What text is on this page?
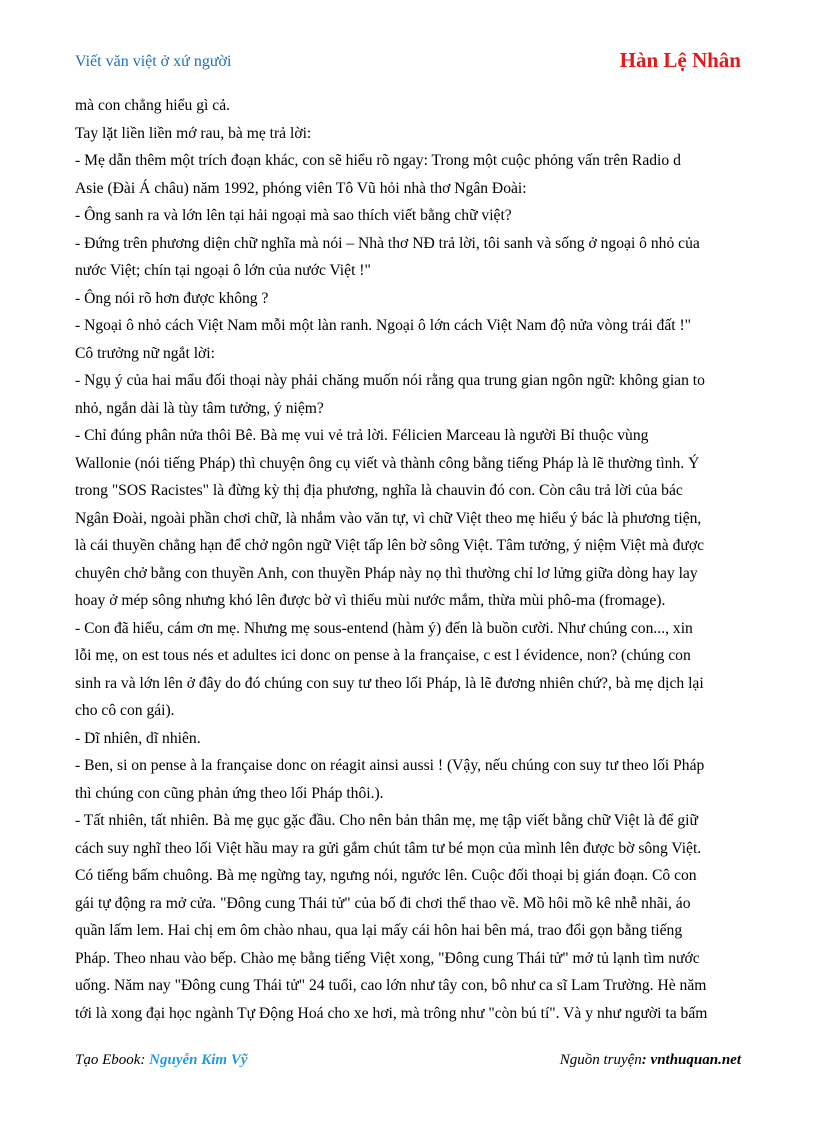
Viết văn việt ở xứ người	Hàn Lệ Nhân

mà con chẳng hiểu gì cả.

Tay lặt liền liền mớ rau, bà mẹ trả lời:

- Mẹ dẫn thêm một trích đoạn khác, con sẽ hiểu rõ ngay: Trong một cuộc phỏng vấn trên Radio d

Asie (Đài Á châu) năm 1992, phóng viên Tô Vũ hỏi nhà thơ Ngân Đoài:

- Ông sanh ra và lớn lên tại hải ngoại mà sao thích viết bằng chữ việt?

- Đứng trên phương diện chữ nghĩa mà nói – Nhà thơ NĐ trả lời, tôi sanh và sống ở ngoại ô nhỏ của

nước Việt; chín tại ngoại ô lớn của nước Việt !"

- Ông nói rõ hơn được không ?

- Ngoại ô nhỏ cách Việt Nam mỗi một làn ranh. Ngoại ô lớn cách Việt Nam độ nửa vòng trái đất !"

Cô trưởng nữ ngắt lời:

- Ngụ ý của hai mẩu đối thoại này phải chăng muốn nói rằng qua trung gian ngôn ngữ: không gian to

nhỏ, ngắn dài là tùy tâm tưởng, ý niệm?

- Chỉ đúng phân nửa thôi Bê. Bà mẹ vui vẻ trả lời. Félicien Marceau là người Bỉ thuộc vùng

Wallonie (nói tiếng Pháp) thì chuyện ông cụ viết và thành công bằng tiếng Pháp là lẽ thường tình. Ý

trong "SOS Racistes" là đừng kỳ thị địa phương, nghĩa là chauvin đó con. Còn câu trả lời của bác

Ngân Đoài, ngoài phần chơi chữ, là nhắm vào văn tự, vì chữ Việt theo mẹ hiểu ý bác là phương tiện,

là cái thuyền chẳng hạn để chở ngôn ngữ Việt tấp lên bờ sông Việt. Tâm tưởng, ý niệm Việt mà được

chuyên chở bằng con thuyền Anh, con thuyền Pháp này nọ thì thường chỉ lơ lửng giữa dòng hay lay

hoay ở mép sông nhưng khó lên được bờ vì thiếu mùi nước mắm, thừa mùi phô-ma (fromage).

- Con đã hiểu, cám ơn mẹ. Nhưng mẹ sous-entend (hàm ý) đến là buồn cười. Như chúng con..., xin

lỗi mẹ, on est tous nés et adultes ici donc on pense à la française, c est l évidence, non? (chúng con

sinh ra và lớn lên ở đây do đó chúng con suy tư theo lối Pháp, là lẽ đương nhiên chứ?, bà mẹ dịch lại

cho cô con gái).

- Dĩ nhiên, dĩ nhiên.

- Ben, si on pense à la française donc on réagit ainsi aussi ! (Vậy, nếu chúng con suy tư theo lối Pháp

thì chúng con cũng phản ứng theo lối Pháp thôi.).

- Tất nhiên, tất nhiên. Bà mẹ gục gặc đầu. Cho nên bản thân mẹ, mẹ tập viết bằng chữ Việt là để giữ

cách suy nghĩ theo lối Việt hầu may ra gửi gắm chút tâm tư bé mọn của mình lên được bờ sông Việt.

Có tiếng bấm chuông. Bà mẹ ngừng tay, ngưng nói, ngước lên. Cuộc đối thoại bị gián đoạn. Cô con

gái tự động ra mở cửa. "Đông cung Thái tử" của bố đi chơi thể thao về. Mồ hôi mồ kê nhễ nhãi, áo

quần lấm lem. Hai chị em ôm chào nhau, qua lại mấy cái hôn hai bên má, trao đổi gọn bằng tiếng

Pháp. Theo nhau vào bếp. Chào mẹ bằng tiếng Việt xong, "Đông cung Thái tử" mở tủ lạnh tìm nước

uống. Năm nay "Đông cung Thái tử" 24 tuổi, cao lớn như tây con, bô như ca sĩ Lam Trường. Hè năm

tới là xong đại học ngành Tự Động Hoá cho xe hơi, mà trông như "còn bú tí". Và y như người ta bấm

Tạo Ebook: Nguyễn Kim Vỹ	Nguồn truyện: vnthuquan.net
